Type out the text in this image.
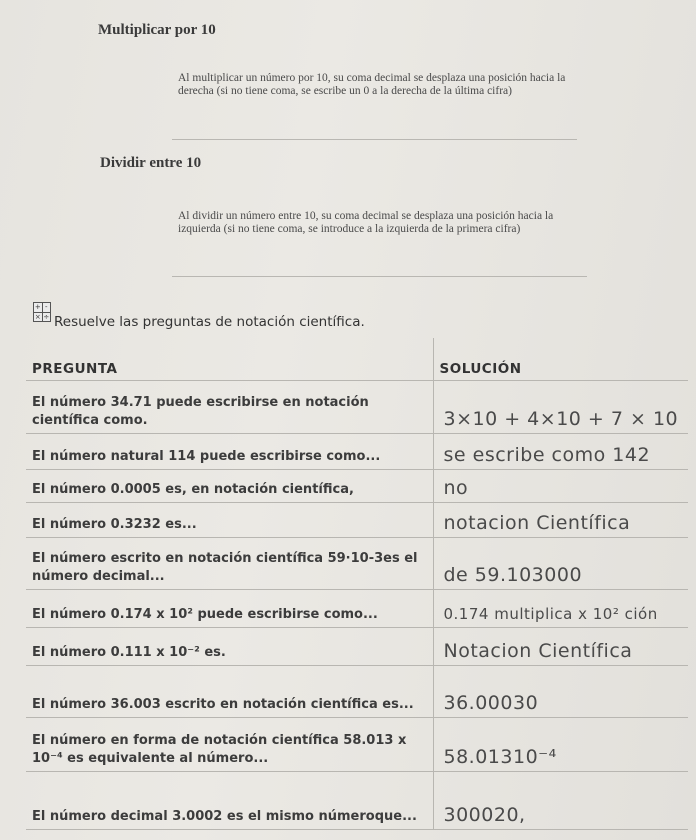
Multiplicar por 10
Al multiplicar un número por 10, su coma decimal se desplaza una posición hacia la derecha (si no tiene coma, se escribe un 0 a la derecha de la última cifra)
Dividir entre 10
Al dividir un número entre 10, su coma decimal se desplaza una posición hacia la izquierda (si no tiene coma, se introduce a la izquierda de la primera cifra)
+ -
× ÷ Resuelve las preguntas de notación científica.
PREGUNTA	SOLUCIÓN
El número 34.71 puede escribirse en notación científica como.	3×10 + 4×10 + 7 × 10
El número natural 114 puede escribirse como...	se escribe como 142
El número 0.0005 es, en notación científica,	no
El número 0.3232 es...	notacion Científica
El número escrito en notación científica 59·10-3es el número decimal...	de 59.103000
El número 0.174 x 10² puede escribirse como...	0.174 multiplica x 10² ción
El número 0.111 x 10⁻² es.	Notacion Científica
El número 36.003 escrito en notación científica es...	36.00030
El número en forma de notación científica 58.013 x 10⁻⁴ es equivalente al número...	58.01310⁻⁴
El número decimal 3.0002 es el mismo númeroque...	300020,
